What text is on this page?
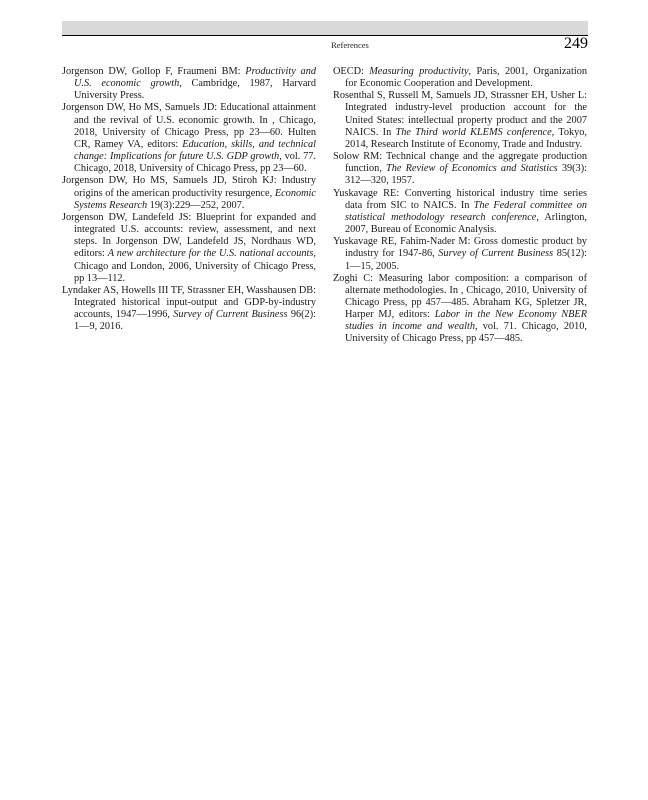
References	249

Jorgenson DW, Gollop F, Fraumeni BM: Productivity and U.S. economic growth, Cambridge, 1987, Harvard University Press.

Jorgenson DW, Ho MS, Samuels JD: Educational attainment and the revival of U.S. economic growth. In , Chicago, 2018, University of Chicago Press, pp 23—60. Hulten CR, Ramey VA, editors: Education, skills, and technical change: Implications for future U.S. GDP growth, vol. 77. Chicago, 2018, University of Chicago Press, pp 23—60.

Jorgenson DW, Ho MS, Samuels JD, Stiroh KJ: Industry origins of the american productivity resurgence, Economic Systems Research 19(3):229—252, 2007.

Jorgenson DW, Landefeld JS: Blueprint for expanded and integrated U.S. accounts: review, assessment, and next steps. In Jorgenson DW, Landefeld JS, Nordhaus WD, editors: A new architecture for the U.S. national accounts, Chicago and London, 2006, University of Chicago Press, pp 13—112.

Lyndaker AS, Howells III TF, Strassner EH, Wasshausen DB: Integrated historical input-output and GDP-by-industry accounts, 1947—1996, Survey of Current Business 96(2): 1—9, 2016.

OECD: Measuring productivity, Paris, 2001, Organization for Economic Cooperation and Development.

Rosenthal S, Russell M, Samuels JD, Strassner EH, Usher L: Integrated industry-level production account for the United States: intellectual property product and the 2007 NAICS. In The Third world KLEMS conference, Tokyo, 2014, Research Institute of Economy, Trade and Industry.

Solow RM: Technical change and the aggregate production function, The Review of Economics and Statistics 39(3): 312—320, 1957.

Yuskavage RE: Converting historical industry time series data from SIC to NAICS. In The Federal committee on statistical methodology research conference, Arlington, 2007, Bureau of Economic Analysis.

Yuskavage RE, Fahim-Nader M: Gross domestic product by industry for 1947-86, Survey of Current Business 85(12): 1—15, 2005.

Zoghi C: Measuring labor composition: a comparison of alternate methodologies. In , Chicago, 2010, University of Chicago Press, pp 457—485. Abraham KG, Spletzer JR, Harper MJ, editors: Labor in the New Economy NBER studies in income and wealth, vol. 71. Chicago, 2010, University of Chicago Press, pp 457—485.
